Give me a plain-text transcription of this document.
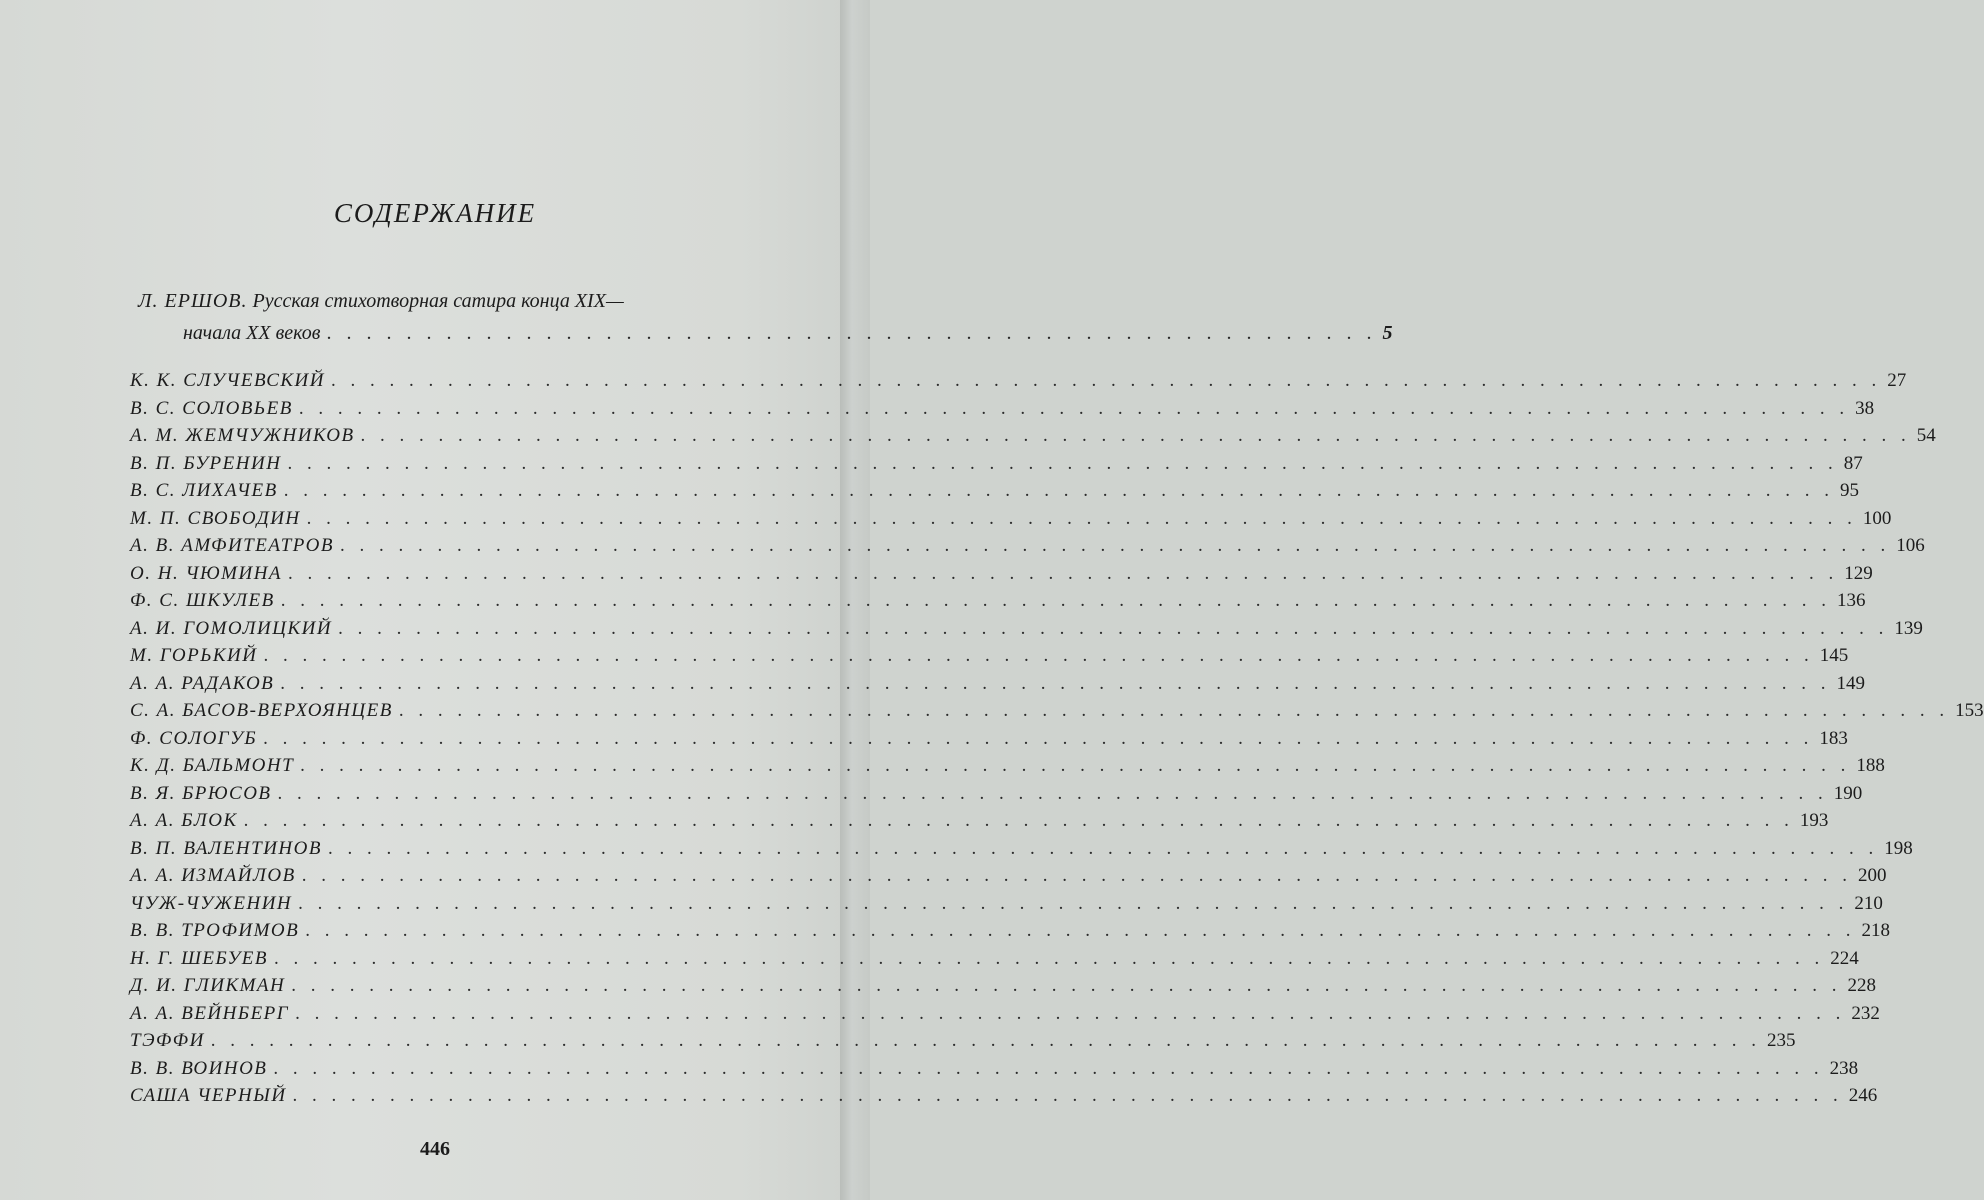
СОДЕРЖАНИЕ
Л. ЕРШОВ. Русская стихотворная сатира конца XIX—
начала XX веков . . . . . . . . . . . . . . . . . . . . . . . . . . . . . . . . . . . . . . . . . . . . . . . . . . . . . 5
К. К. СЛУЧЕВСКИЙ . . . . . . . . . . . . . . . . . . . . . . . . . . . . . . . . . . . . . . . . . . . . . . . . . . . . . . . . . . . . . . . . . . . . . . . . . . . . . . . . 27
В. С. СОЛОВЬЕВ . . . . . . . . . . . . . . . . . . . . . . . . . . . . . . . . . . . . . . . . . . . . . . . . . . . . . . . . . . . . . . . . . . . . . . . . . . . . . . . . 38
А. М. ЖЕМЧУЖНИКОВ . . . . . . . . . . . . . . . . . . . . . . . . . . . . . . . . . . . . . . . . . . . . . . . . . . . . . . . . . . . . . . . . . . . . . . . . . . . . . . . . 54
В. П. БУРЕНИН . . . . . . . . . . . . . . . . . . . . . . . . . . . . . . . . . . . . . . . . . . . . . . . . . . . . . . . . . . . . . . . . . . . . . . . . . . . . . . . . 87
В. С. ЛИХАЧЕВ . . . . . . . . . . . . . . . . . . . . . . . . . . . . . . . . . . . . . . . . . . . . . . . . . . . . . . . . . . . . . . . . . . . . . . . . . . . . . . . . 95
М. П. СВОБОДИН . . . . . . . . . . . . . . . . . . . . . . . . . . . . . . . . . . . . . . . . . . . . . . . . . . . . . . . . . . . . . . . . . . . . . . . . . . . . . . . . 100
А. В. АМФИТЕАТРОВ . . . . . . . . . . . . . . . . . . . . . . . . . . . . . . . . . . . . . . . . . . . . . . . . . . . . . . . . . . . . . . . . . . . . . . . . . . . . . . . . 106
О. Н. ЧЮМИНА . . . . . . . . . . . . . . . . . . . . . . . . . . . . . . . . . . . . . . . . . . . . . . . . . . . . . . . . . . . . . . . . . . . . . . . . . . . . . . . . 129
Ф. С. ШКУЛЕВ . . . . . . . . . . . . . . . . . . . . . . . . . . . . . . . . . . . . . . . . . . . . . . . . . . . . . . . . . . . . . . . . . . . . . . . . . . . . . . . . 136
А. И. ГОМОЛИЦКИЙ . . . . . . . . . . . . . . . . . . . . . . . . . . . . . . . . . . . . . . . . . . . . . . . . . . . . . . . . . . . . . . . . . . . . . . . . . . . . . . . . 139
М. ГОРЬКИЙ . . . . . . . . . . . . . . . . . . . . . . . . . . . . . . . . . . . . . . . . . . . . . . . . . . . . . . . . . . . . . . . . . . . . . . . . . . . . . . . . 145
А. А. РАДАКОВ . . . . . . . . . . . . . . . . . . . . . . . . . . . . . . . . . . . . . . . . . . . . . . . . . . . . . . . . . . . . . . . . . . . . . . . . . . . . . . . . 149
С. А. БАСОВ-ВЕРХОЯНЦЕВ . . . . . . . . . . . . . . . . . . . . . . . . . . . . . . . . . . . . . . . . . . . . . . . . . . . . . . . . . . . . . . . . . . . . . . . . . . . . . . . . 153
Ф. СОЛОГУБ . . . . . . . . . . . . . . . . . . . . . . . . . . . . . . . . . . . . . . . . . . . . . . . . . . . . . . . . . . . . . . . . . . . . . . . . . . . . . . . . 183
К. Д. БАЛЬМОНТ . . . . . . . . . . . . . . . . . . . . . . . . . . . . . . . . . . . . . . . . . . . . . . . . . . . . . . . . . . . . . . . . . . . . . . . . . . . . . . . . 188
В. Я. БРЮСОВ . . . . . . . . . . . . . . . . . . . . . . . . . . . . . . . . . . . . . . . . . . . . . . . . . . . . . . . . . . . . . . . . . . . . . . . . . . . . . . . . 190
А. А. БЛОК . . . . . . . . . . . . . . . . . . . . . . . . . . . . . . . . . . . . . . . . . . . . . . . . . . . . . . . . . . . . . . . . . . . . . . . . . . . . . . . . 193
В. П. ВАЛЕНТИНОВ . . . . . . . . . . . . . . . . . . . . . . . . . . . . . . . . . . . . . . . . . . . . . . . . . . . . . . . . . . . . . . . . . . . . . . . . . . . . . . . . 198
А. А. ИЗМАЙЛОВ . . . . . . . . . . . . . . . . . . . . . . . . . . . . . . . . . . . . . . . . . . . . . . . . . . . . . . . . . . . . . . . . . . . . . . . . . . . . . . . . 200
ЧУЖ-ЧУЖЕНИН . . . . . . . . . . . . . . . . . . . . . . . . . . . . . . . . . . . . . . . . . . . . . . . . . . . . . . . . . . . . . . . . . . . . . . . . . . . . . . . . 210
В. В. ТРОФИМОВ . . . . . . . . . . . . . . . . . . . . . . . . . . . . . . . . . . . . . . . . . . . . . . . . . . . . . . . . . . . . . . . . . . . . . . . . . . . . . . . . 218
Н. Г. ШЕБУЕВ . . . . . . . . . . . . . . . . . . . . . . . . . . . . . . . . . . . . . . . . . . . . . . . . . . . . . . . . . . . . . . . . . . . . . . . . . . . . . . . . 224
Д. И. ГЛИКМАН . . . . . . . . . . . . . . . . . . . . . . . . . . . . . . . . . . . . . . . . . . . . . . . . . . . . . . . . . . . . . . . . . . . . . . . . . . . . . . . . 228
А. А. ВЕЙНБЕРГ . . . . . . . . . . . . . . . . . . . . . . . . . . . . . . . . . . . . . . . . . . . . . . . . . . . . . . . . . . . . . . . . . . . . . . . . . . . . . . . . 232
ТЭФФИ . . . . . . . . . . . . . . . . . . . . . . . . . . . . . . . . . . . . . . . . . . . . . . . . . . . . . . . . . . . . . . . . . . . . . . . . . . . . . . . . 235
В. В. ВОИНОВ . . . . . . . . . . . . . . . . . . . . . . . . . . . . . . . . . . . . . . . . . . . . . . . . . . . . . . . . . . . . . . . . . . . . . . . . . . . . . . . . 238
САША ЧЕРНЫЙ . . . . . . . . . . . . . . . . . . . . . . . . . . . . . . . . . . . . . . . . . . . . . . . . . . . . . . . . . . . . . . . . . . . . . . . . . . . . . . . . 246
446
